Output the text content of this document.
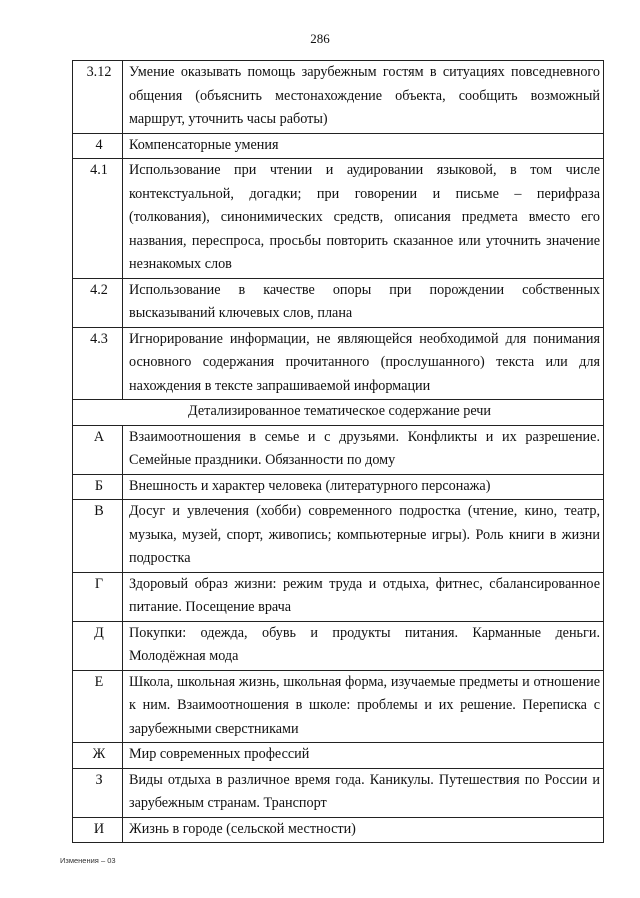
286
3.12	Умение оказывать помощь зарубежным гостям в ситуациях повседневного общения (объяснить местонахождение объекта, сообщить возможный маршрут, уточнить часы работы)
4	Компенсаторные умения
4.1	Использование при чтении и аудировании языковой, в том числе контекстуальной, догадки; при говорении и письме – перифраза (толкования), синонимических средств, описания предмета вместо его названия, переспроса, просьбы повторить сказанное или уточнить значение незнакомых слов
4.2	Использование в качестве опоры при порождении собственных высказываний ключевых слов, плана
4.3	Игнорирование информации, не являющейся необходимой для понимания основного содержания прочитанного (прослушанного) текста или для нахождения в тексте запрашиваемой информации
Детализированное тематическое содержание речи	
А	Взаимоотношения в семье и с друзьями. Конфликты и их разрешение. Семейные праздники. Обязанности по дому
Б	Внешность и характер человека (литературного персонажа)
В	Досуг и увлечения (хобби) современного подростка (чтение, кино, театр, музыка, музей, спорт, живопись; компьютерные игры). Роль книги в жизни подростка
Г	Здоровый образ жизни: режим труда и отдыха, фитнес, сбалансированное питание. Посещение врача
Д	Покупки: одежда, обувь и продукты питания. Карманные деньги. Молодёжная мода
Е	Школа, школьная жизнь, школьная форма, изучаемые предметы и отношение к ним. Взаимоотношения в школе: проблемы и их решение. Переписка с зарубежными сверстниками
Ж	Мир современных профессий
З	Виды отдыха в различное время года. Каникулы. Путешествия по России и зарубежным странам. Транспорт
И	Жизнь в городе (сельской местности)
Изменения – 03
